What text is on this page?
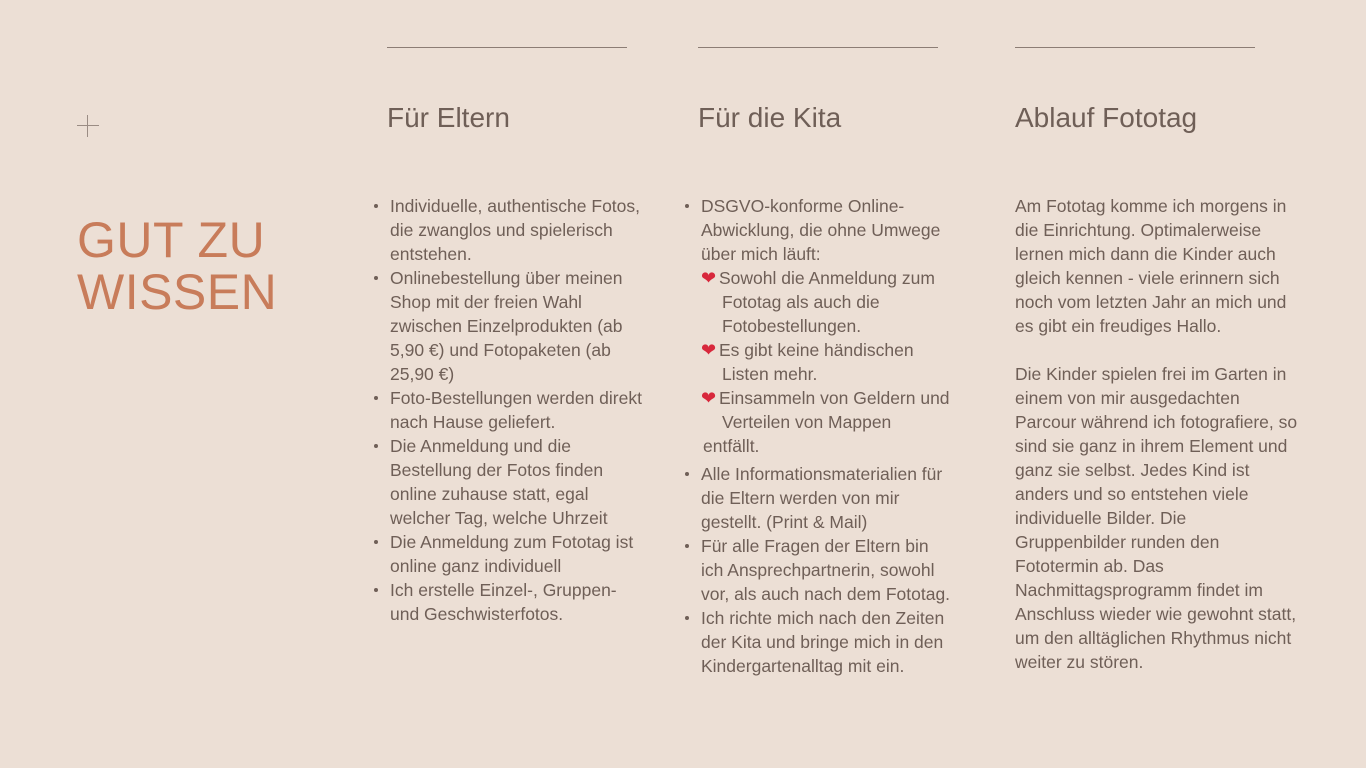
GUT ZU
WISSEN
Für Eltern
Individuelle, authentische Fotos, die zwanglos und spielerisch entstehen.
Onlinebestellung über meinen Shop mit der freien Wahl zwischen Einzelprodukten (ab 5,90 €) und Fotopaketen (ab 25,90 €)
Foto-Bestellungen werden direkt nach Hause geliefert.
Die Anmeldung und die Bestellung der Fotos finden online zuhause statt, egal welcher Tag, welche Uhrzeit
Die Anmeldung zum Fototag ist online ganz individuell
Ich erstelle Einzel-, Gruppen- und Geschwisterfotos.
Für die Kita
DSGVO-konforme Online-Abwicklung, die ohne Umwege über mich läuft:
❤ Sowohl die Anmeldung zum Fototag als auch die Fotobestellungen.
❤ Es gibt keine händischen Listen mehr.
❤ Einsammeln von Geldern und Verteilen von Mappen
entfällt.
Alle Informationsmaterialien für die Eltern werden von mir gestellt. (Print & Mail)
Für alle Fragen der Eltern bin ich Ansprechpartnerin, sowohl vor, als auch nach dem Fototag.
Ich richte mich nach den Zeiten der Kita und bringe mich in den Kindergartenalltag mit ein.
Ablauf Fototag

Am Fototag komme ich morgens in die Einrichtung. Optimalerweise lernen mich dann die Kinder auch gleich kennen - viele erinnern sich noch vom letzten Jahr an mich und es gibt ein freudiges Hallo.

Die Kinder spielen frei im Garten in einem von mir ausgedachten Parcour während ich fotografiere, so sind sie ganz in ihrem Element und ganz sie selbst. Jedes Kind ist anders und so entstehen viele individuelle Bilder. Die Gruppenbilder runden den Fototermin ab. Das Nachmittagsprogramm findet im Anschluss wieder wie gewohnt statt, um den alltäglichen Rhythmus nicht weiter zu stören.
